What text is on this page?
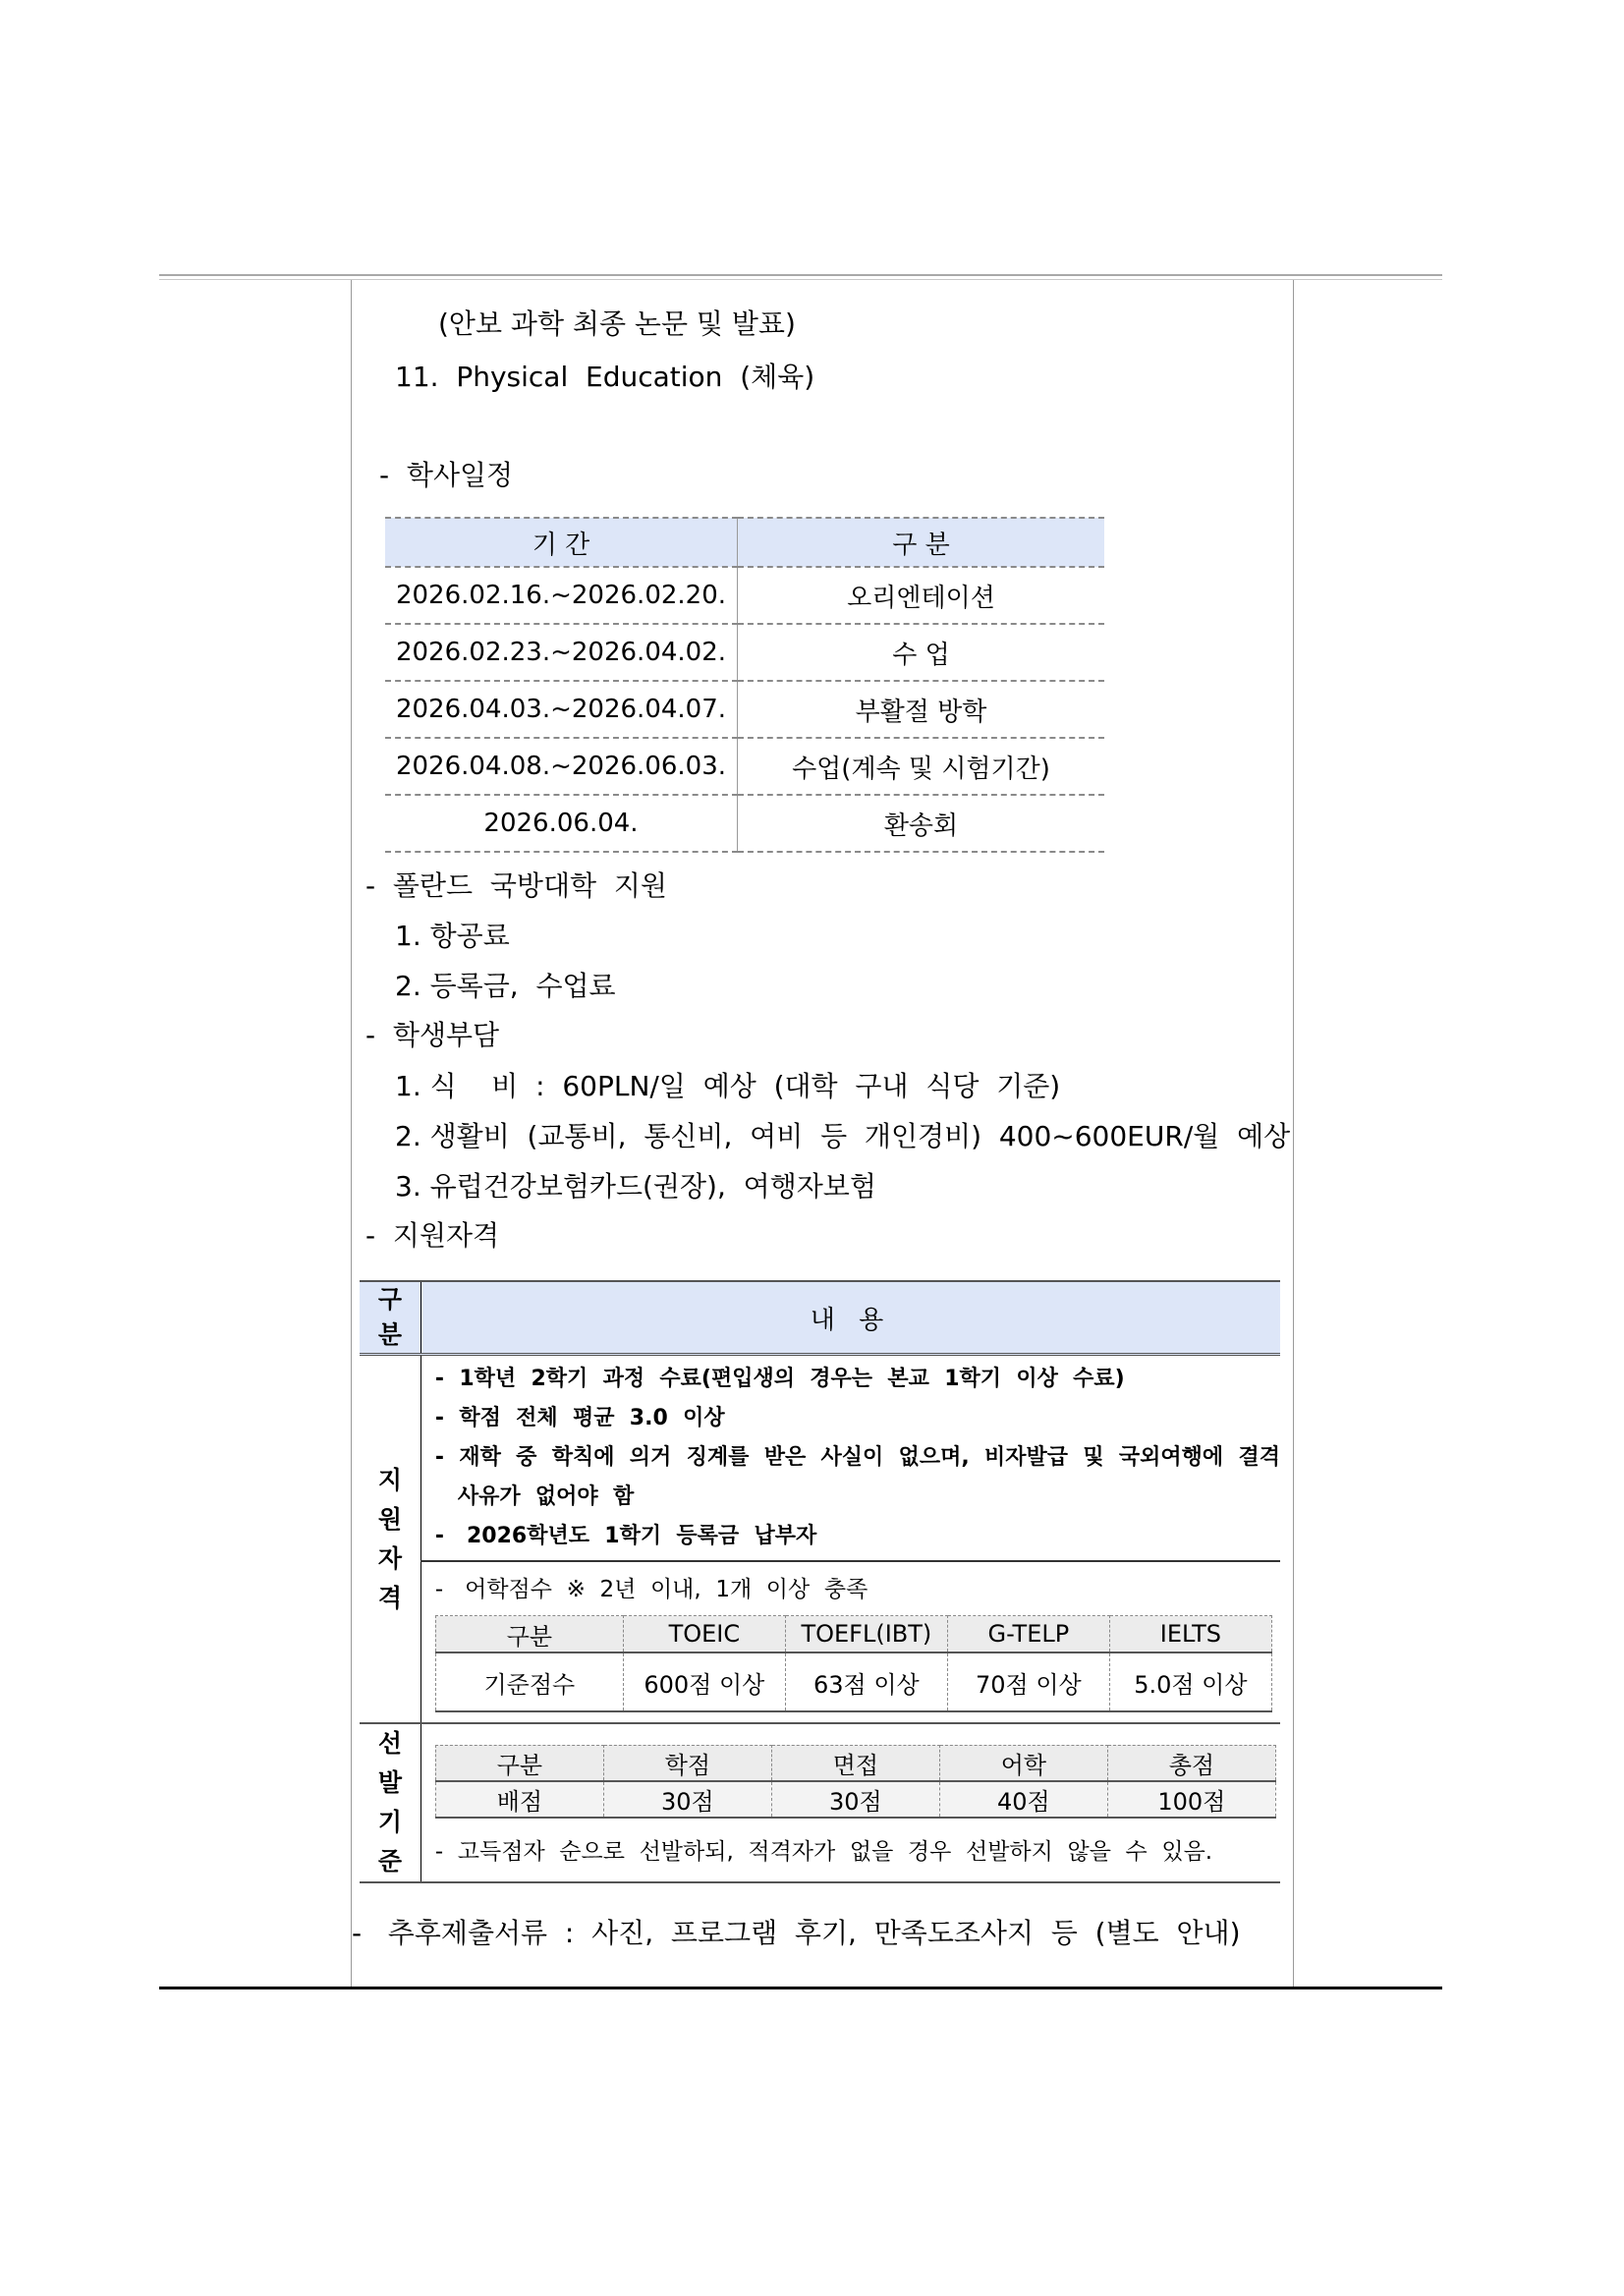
(안보 과학 최종 논문 및 발표)
11.  Physical  Education  (체육)
-  학사일정
기 간	구 분
2026.02.16.~2026.02.20.	오리엔테이션
2026.02.23.~2026.04.02.	수 업
2026.04.03.~2026.04.07.	부활절 방학
2026.04.08.~2026.06.03.	수업(계속 및 시험기간)
2026.06.04.	환송회
-  폴란드  국방대학  지원
1. 항공료
2. 등록금,  수업료
-  학생부담
1. 식    비  :  60PLN/일  예상  (대학  구내  식당  기준)
2. 생활비  (교통비,  통신비,  여비  등  개인경비)  400~600EUR/월  예상
3. 유럽건강보험카드(권장),  여행자보험
-  지원자격
구
분	내 용
지
원
자
격	
-  1학년  2학기  과정  수료(편입생의  경우는  본교  1학기  이상  수료)
-  학점  전체  평균  3.0  이상
-  재학  중  학칙에  의거  징계를  받은  사실이  없으며,  비자발급  및  국외여행에  결격
사유가  없어야  함
-   2026학년도  1학기  등록금  납부자

-   어학점수  ※  2년  이내,  1개  이상  충족
구분	TOEIC	TOEFL(IBT)	G-TELP	IELTS
기준점수	600점 이상	63점 이상	70점 이상	5.0점 이상

선
발
기
준	
구분	학점	면접	어학	총점
배점	30점	30점	40점	100점
-  고득점자  순으로  선발하되,  적격자가  없을  경우  선발하지  않을  수  있음.
-   추후제출서류  :  사진,  프로그램  후기,  만족도조사지  등  (별도  안내)
